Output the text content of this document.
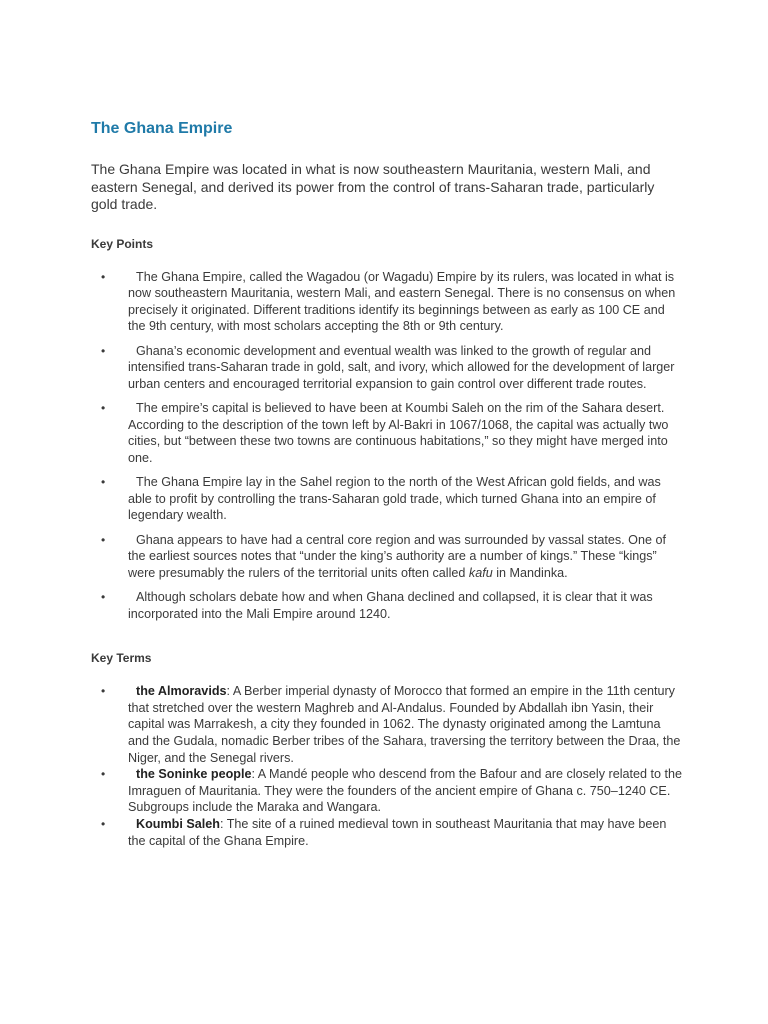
The Ghana Empire

The Ghana Empire was located in what is now southeastern Mauritania, western Mali, and eastern Senegal, and derived its power from the control of trans-Saharan trade, particularly gold trade.

Key Points
• The Ghana Empire, called the Wagadou (or Wagadu) Empire by its rulers, was located in what is now southeastern Mauritania, western Mali, and eastern Senegal. There is no consensus on when precisely it originated. Different traditions identify its beginnings between as early as 100 CE and the 9th century, with most scholars accepting the 8th or 9th century.
• Ghana’s economic development and eventual wealth was linked to the growth of regular and intensified trans-Saharan trade in gold, salt, and ivory, which allowed for the development of larger urban centers and encouraged territorial expansion to gain control over different trade routes.
• The empire’s capital is believed to have been at Koumbi Saleh on the rim of the Sahara desert. According to the description of the town left by Al-Bakri in 1067/1068, the capital was actually two cities, but “between these two towns are continuous habitations,” so they might have merged into one.
• The Ghana Empire lay in the Sahel region to the north of the West African gold fields, and was able to profit by controlling the trans-Saharan gold trade, which turned Ghana into an empire of legendary wealth.
• Ghana appears to have had a central core region and was surrounded by vassal states. One of the earliest sources notes that “under the king’s authority are a number of kings.” These “kings” were presumably the rulers of the territorial units often called kafu in Mandinka.
• Although scholars debate how and when Ghana declined and collapsed, it is clear that it was incorporated into the Mali Empire around 1240.
Key Terms
• the Almoravids: A Berber imperial dynasty of Morocco that formed an empire in the 11th century that stretched over the western Maghreb and Al-Andalus. Founded by Abdallah ibn Yasin, their capital was Marrakesh, a city they founded in 1062. The dynasty originated among the Lamtuna and the Gudala, nomadic Berber tribes of the Sahara, traversing the territory between the Draa, the Niger, and the Senegal rivers.
• the Soninke people: A Mandé people who descend from the Bafour and are closely related to the Imraguen of Mauritania. They were the founders of the ancient empire of Ghana c. 750–1240 CE. Subgroups include the Maraka and Wangara.
• Koumbi Saleh: The site of a ruined medieval town in southeast Mauritania that may have been the capital of the Ghana Empire.
